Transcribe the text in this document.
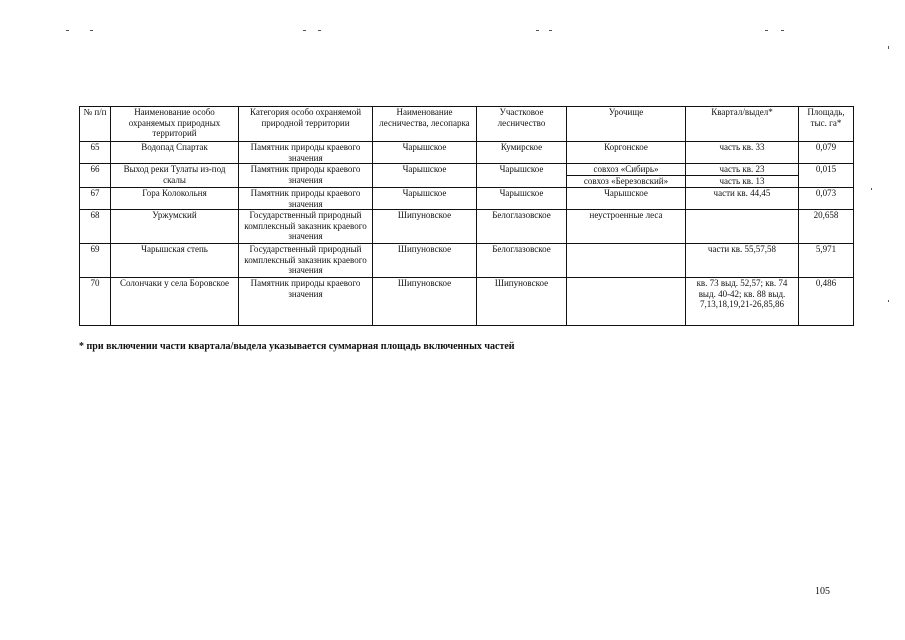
№ п/п	Наименование особо охраняемых природных территорий	Категория особо охраняемой природной территории	Наименование лесничества, лесопарка	Участковое лесничество	Урочище	Квартал/выдел*	Площадь, тыс. га*
65	Водопад Спартак	Памятник природы краевого значения	Чарышское	Кумирское	Коргонское	часть кв. 33	0,079
66	Выход реки Тулаты из-под скалы	Памятник природы краевого значения	Чарышское	Чарышское	совхоз «Сибирь»	часть кв. 23	0,015
					совхоз «Березовский»	часть кв. 13	
67	Гора Колокольня	Памятник природы краевого значения	Чарышское	Чарышское	Чарышское	части кв. 44,45	0,073
68	Уржумский	Государственный природный комплексный заказник краевого значения	Шипуновское	Белоглазовское	неустроенные леса		20,658
69	Чарышская степь	Государственный природный комплексный заказник краевого значения	Шипуновское	Белоглазовское		части кв. 55,57,58	5,971
70	Солончаки у села Боровское	Памятник природы краевого значения	Шипуновское	Шипуновское		кв. 73 выд. 52,57; кв. 74 выд. 40-42; кв. 88 выд. 7,13,18,19,21-26,85,86	0,486
* при включении части квартала/выдела указывается суммарная площадь включенных частей
105
